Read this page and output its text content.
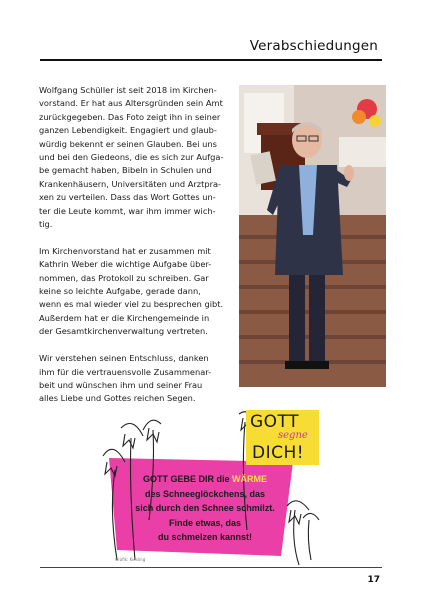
Verabschiedungen

Wolfgang Schüller ist seit 2018 im Kirchen-
vorstand. Er hat aus Altersgründen sein Amt
zurückgegeben. Das Foto zeigt ihn in seiner
ganzen Lebendigkeit. Engagiert und glaub-
würdig bekennt er seinen Glauben. Bei uns
und bei den Giedeons, die es sich zur Aufga-
be gemacht haben, Bibeln in Schulen und
Krankenhäusern, Universitäten und Arztpra-
xen zu verteilen. Dass das Wort Gottes un-
ter die Leute kommt, war ihm immer wich-
tig.

Im Kirchenvorstand hat er zusammen mit
Kathrin Weber die wichtige Aufgabe über-
nommen, das Protokoll zu schreiben. Gar
keine so leichte Aufgabe, gerade dann,
wenn es mal wieder viel zu besprechen gibt.
Außerdem hat er die Kirchengemeinde in
der Gesamtkirchenverwaltung vertreten.

Wir verstehen seinen Entschluss, danken
ihm für die vertrauensvolle Zusammenar-
beit und wünschen ihm und seiner Frau
alles Liebe und Gottes reichen Segen.

GOTT
segne
DICH!
GOTT GEBE DIR die WÄRME
des Schneeglöckchens, das
sich durch den Schnee schmilzt.
Finde etwas, das
du schmelzen kannst!
Grafik: Kiesling
17
